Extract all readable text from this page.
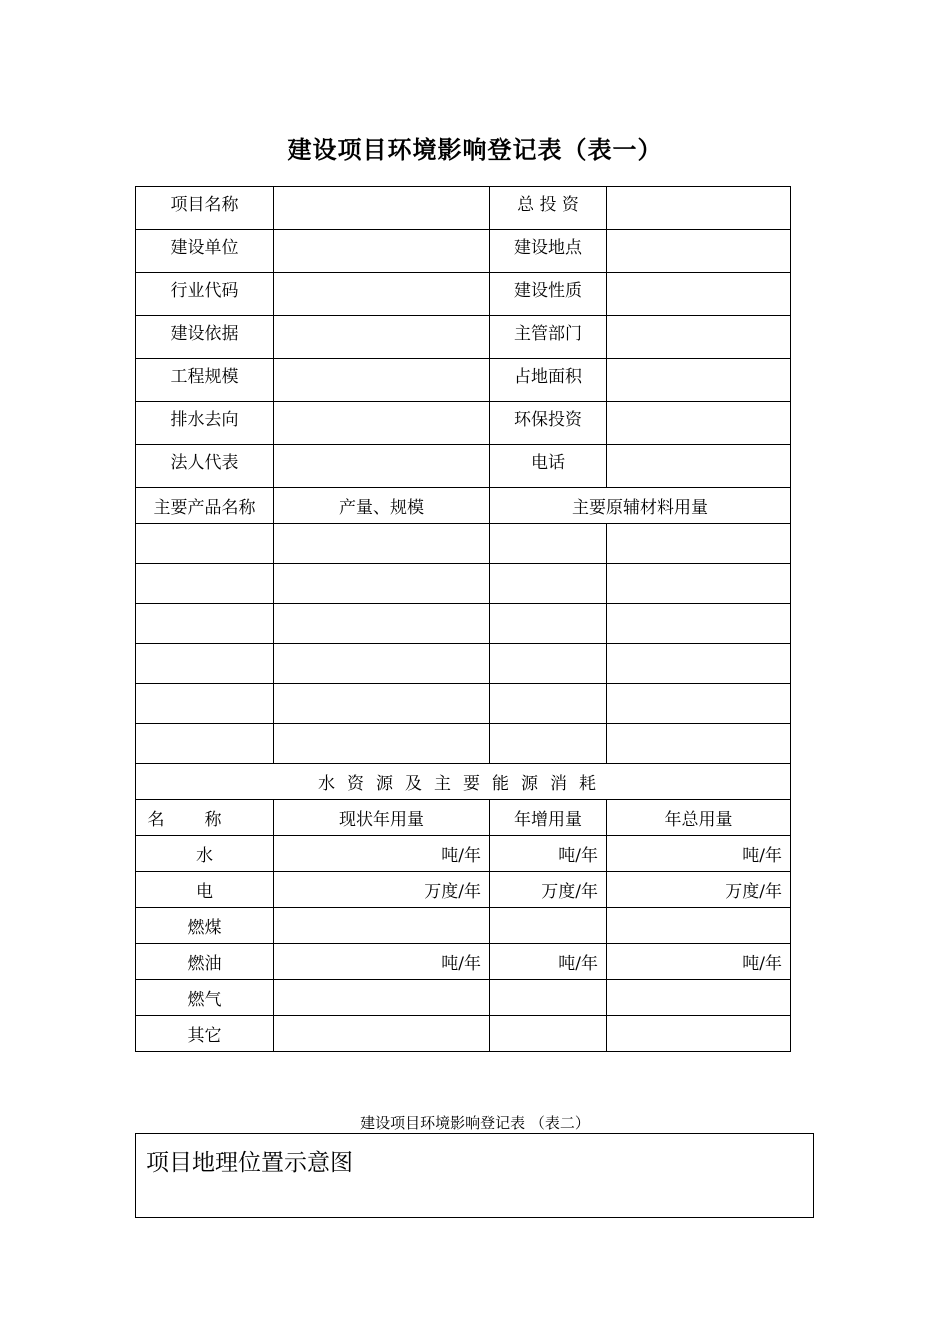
建设项目环境影响登记表（表一）
项目名称		总 投 资	
建设单位		建设地点	
行业代码		建设性质	
建设依据		主管部门	
工程规模		占地面积	
排水去向		环保投资	
法人代表		电话	
主要产品名称	产量、规模	主要原辅材料用量	

水资源及主要能源消耗			
名称	现状年用量	年增用量	年总用量
水	吨/年	吨/年	吨/年
电	万度/年	万度/年	万度/年
燃煤			
燃油	吨/年	吨/年	吨/年
燃气			
其它			
建设项目环境影响登记表 （表二）
项目地理位置示意图
